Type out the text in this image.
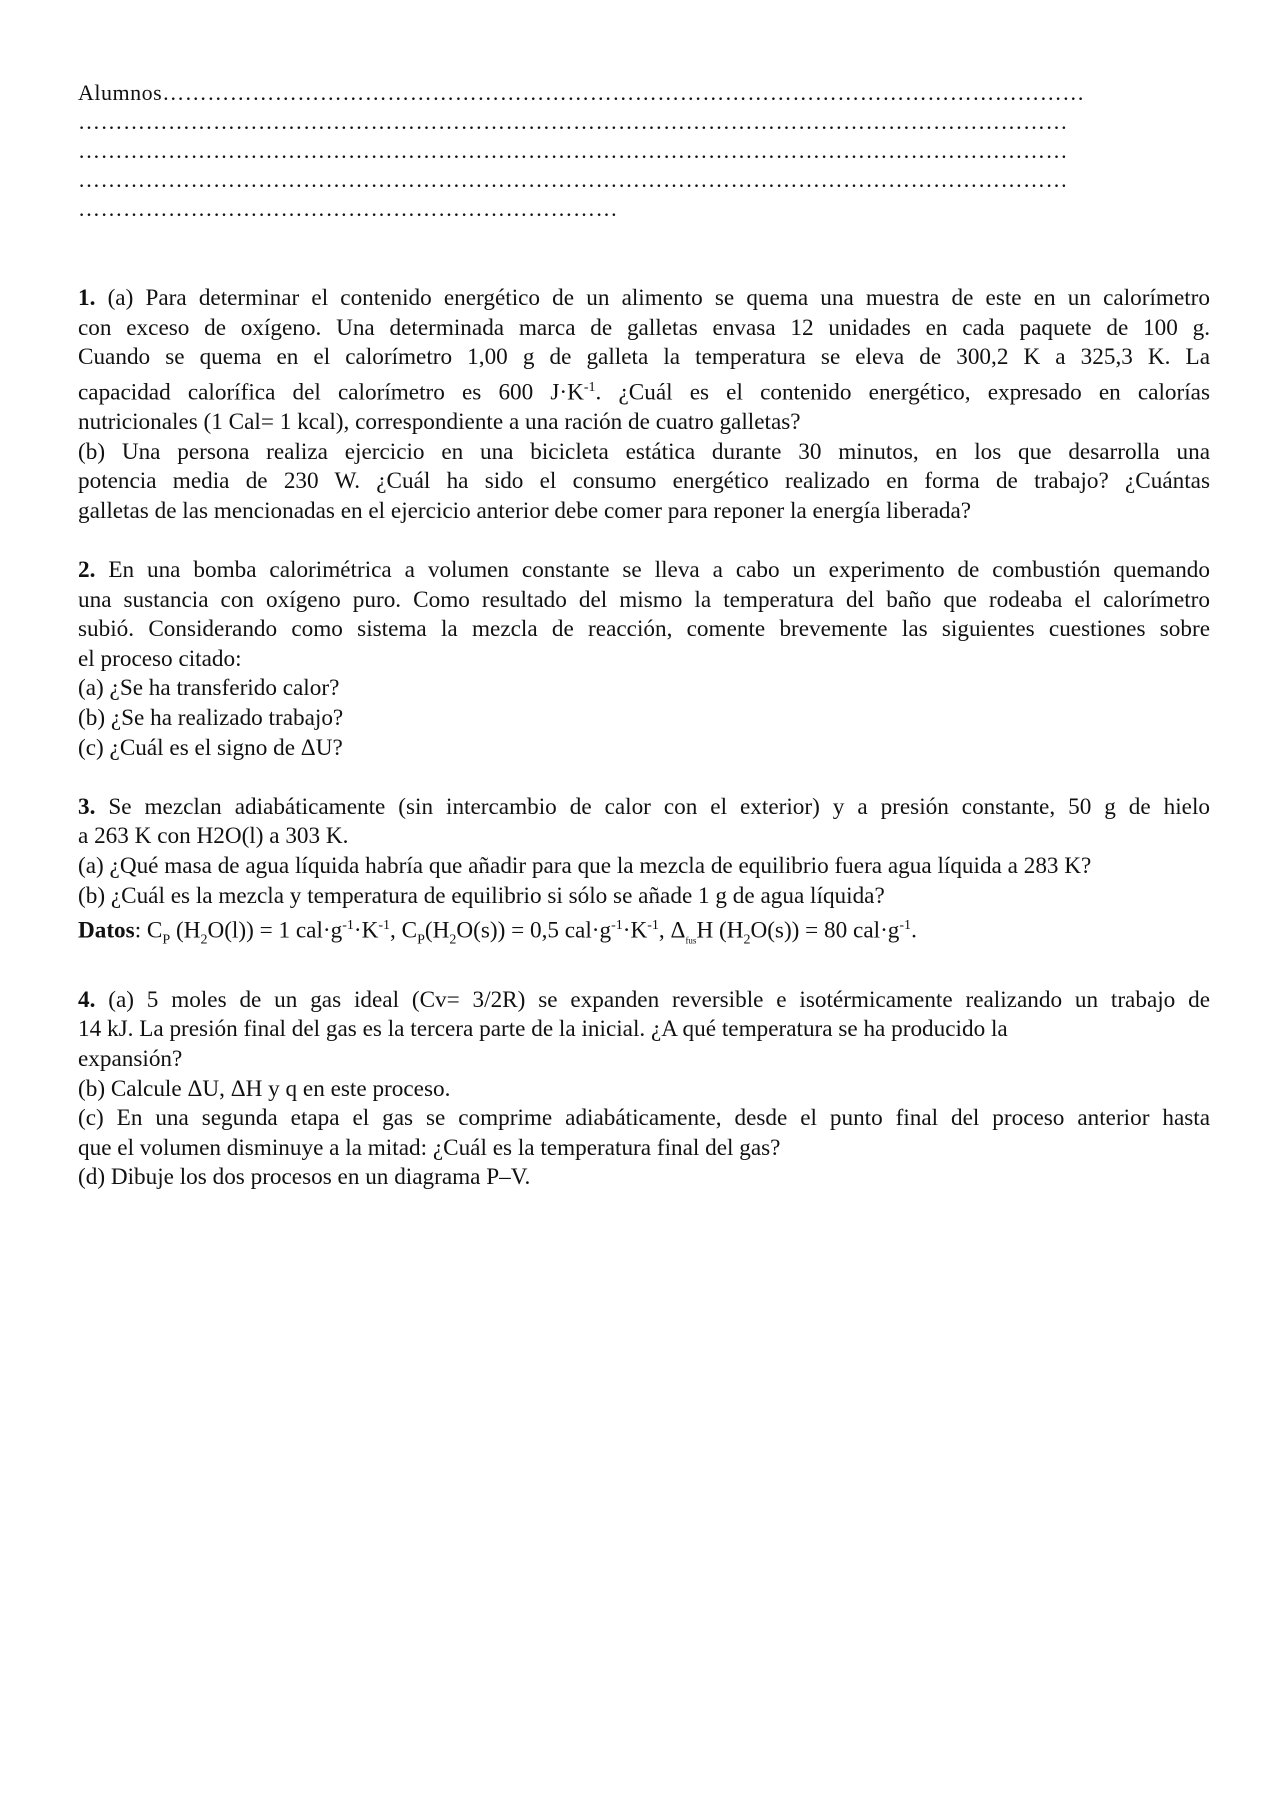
Alumnos……………………………………………………………………………………………………………
……………………………………………………………………………………………………………………
……………………………………………………………………………………………………………………
……………………………………………………………………………………………………………………
………………………………………………………………
1. (a) Para determinar el contenido energético de un alimento se quema una muestra de este en un calorímetro
con exceso de oxígeno. Una determinada marca de galletas envasa 12 unidades en cada paquete de 100 g.
Cuando se quema en el calorímetro 1,00 g de galleta la temperatura se eleva de 300,2 K a 325,3 K. La
capacidad calorífica del calorímetro es 600 $J\cdot K^{-1}$. ¿Cuál es el contenido energético, expresado en calorías
nutricionales (1 Cal= 1 kcal), correspondiente a una ración de cuatro galletas?
(b) Una persona realiza ejercicio en una bicicleta estática durante 30 minutos, en los que desarrolla una
potencia media de 230 W. ¿Cuál ha sido el consumo energético realizado en forma de trabajo? ¿Cuántas
galletas de las mencionadas en el ejercicio anterior debe comer para reponer la energía liberada?
2. En una bomba calorimétrica a volumen constante se lleva a cabo un experimento de combustión quemando
una sustancia con oxígeno puro. Como resultado del mismo la temperatura del baño que rodeaba el calorímetro
subió. Considerando como sistema la mezcla de reacción, comente brevemente las siguientes cuestiones sobre
el proceso citado:
(a) ¿Se ha transferido calor?
(b) ¿Se ha realizado trabajo?
(c) ¿Cuál es el signo de ΔU?
3. Se mezclan adiabáticamente (sin intercambio de calor con el exterior) y a presión constante, 50 g de hielo
a 263 K con H2O(l) a 303 K.
(a) ¿Qué masa de agua líquida habría que añadir para que la mezcla de equilibrio fuera agua líquida a 283 K?
(b) ¿Cuál es la mezcla y temperatura de equilibrio si sólo se añade 1 g de agua líquida?
Datos: $C_P$ $(H_2O(l)) = 1$ $cal\cdot g^{-1}\cdot K^{-1}$, $C_P(H_2O(s)) = 0,5$ $cal\cdot g^{-1}\cdot K^{-1}$, $\Delta_{fus}H$ $(H_2O(s)) = 80$ $cal\cdot g^{-1}$.
4. (a) 5 moles de un gas ideal (Cv= 3/2R) se expanden reversible e isotérmicamente realizando un trabajo de
14 kJ. La presión final del gas es la tercera parte de la inicial. ¿A qué temperatura se ha producido la
expansión?
(b) Calcule ΔU, ΔH y q en este proceso.
(c) En una segunda etapa el gas se comprime adiabáticamente, desde el punto final del proceso anterior hasta
que el volumen disminuye a la mitad: ¿Cuál es la temperatura final del gas?
(d) Dibuje los dos procesos en un diagrama P–V.
